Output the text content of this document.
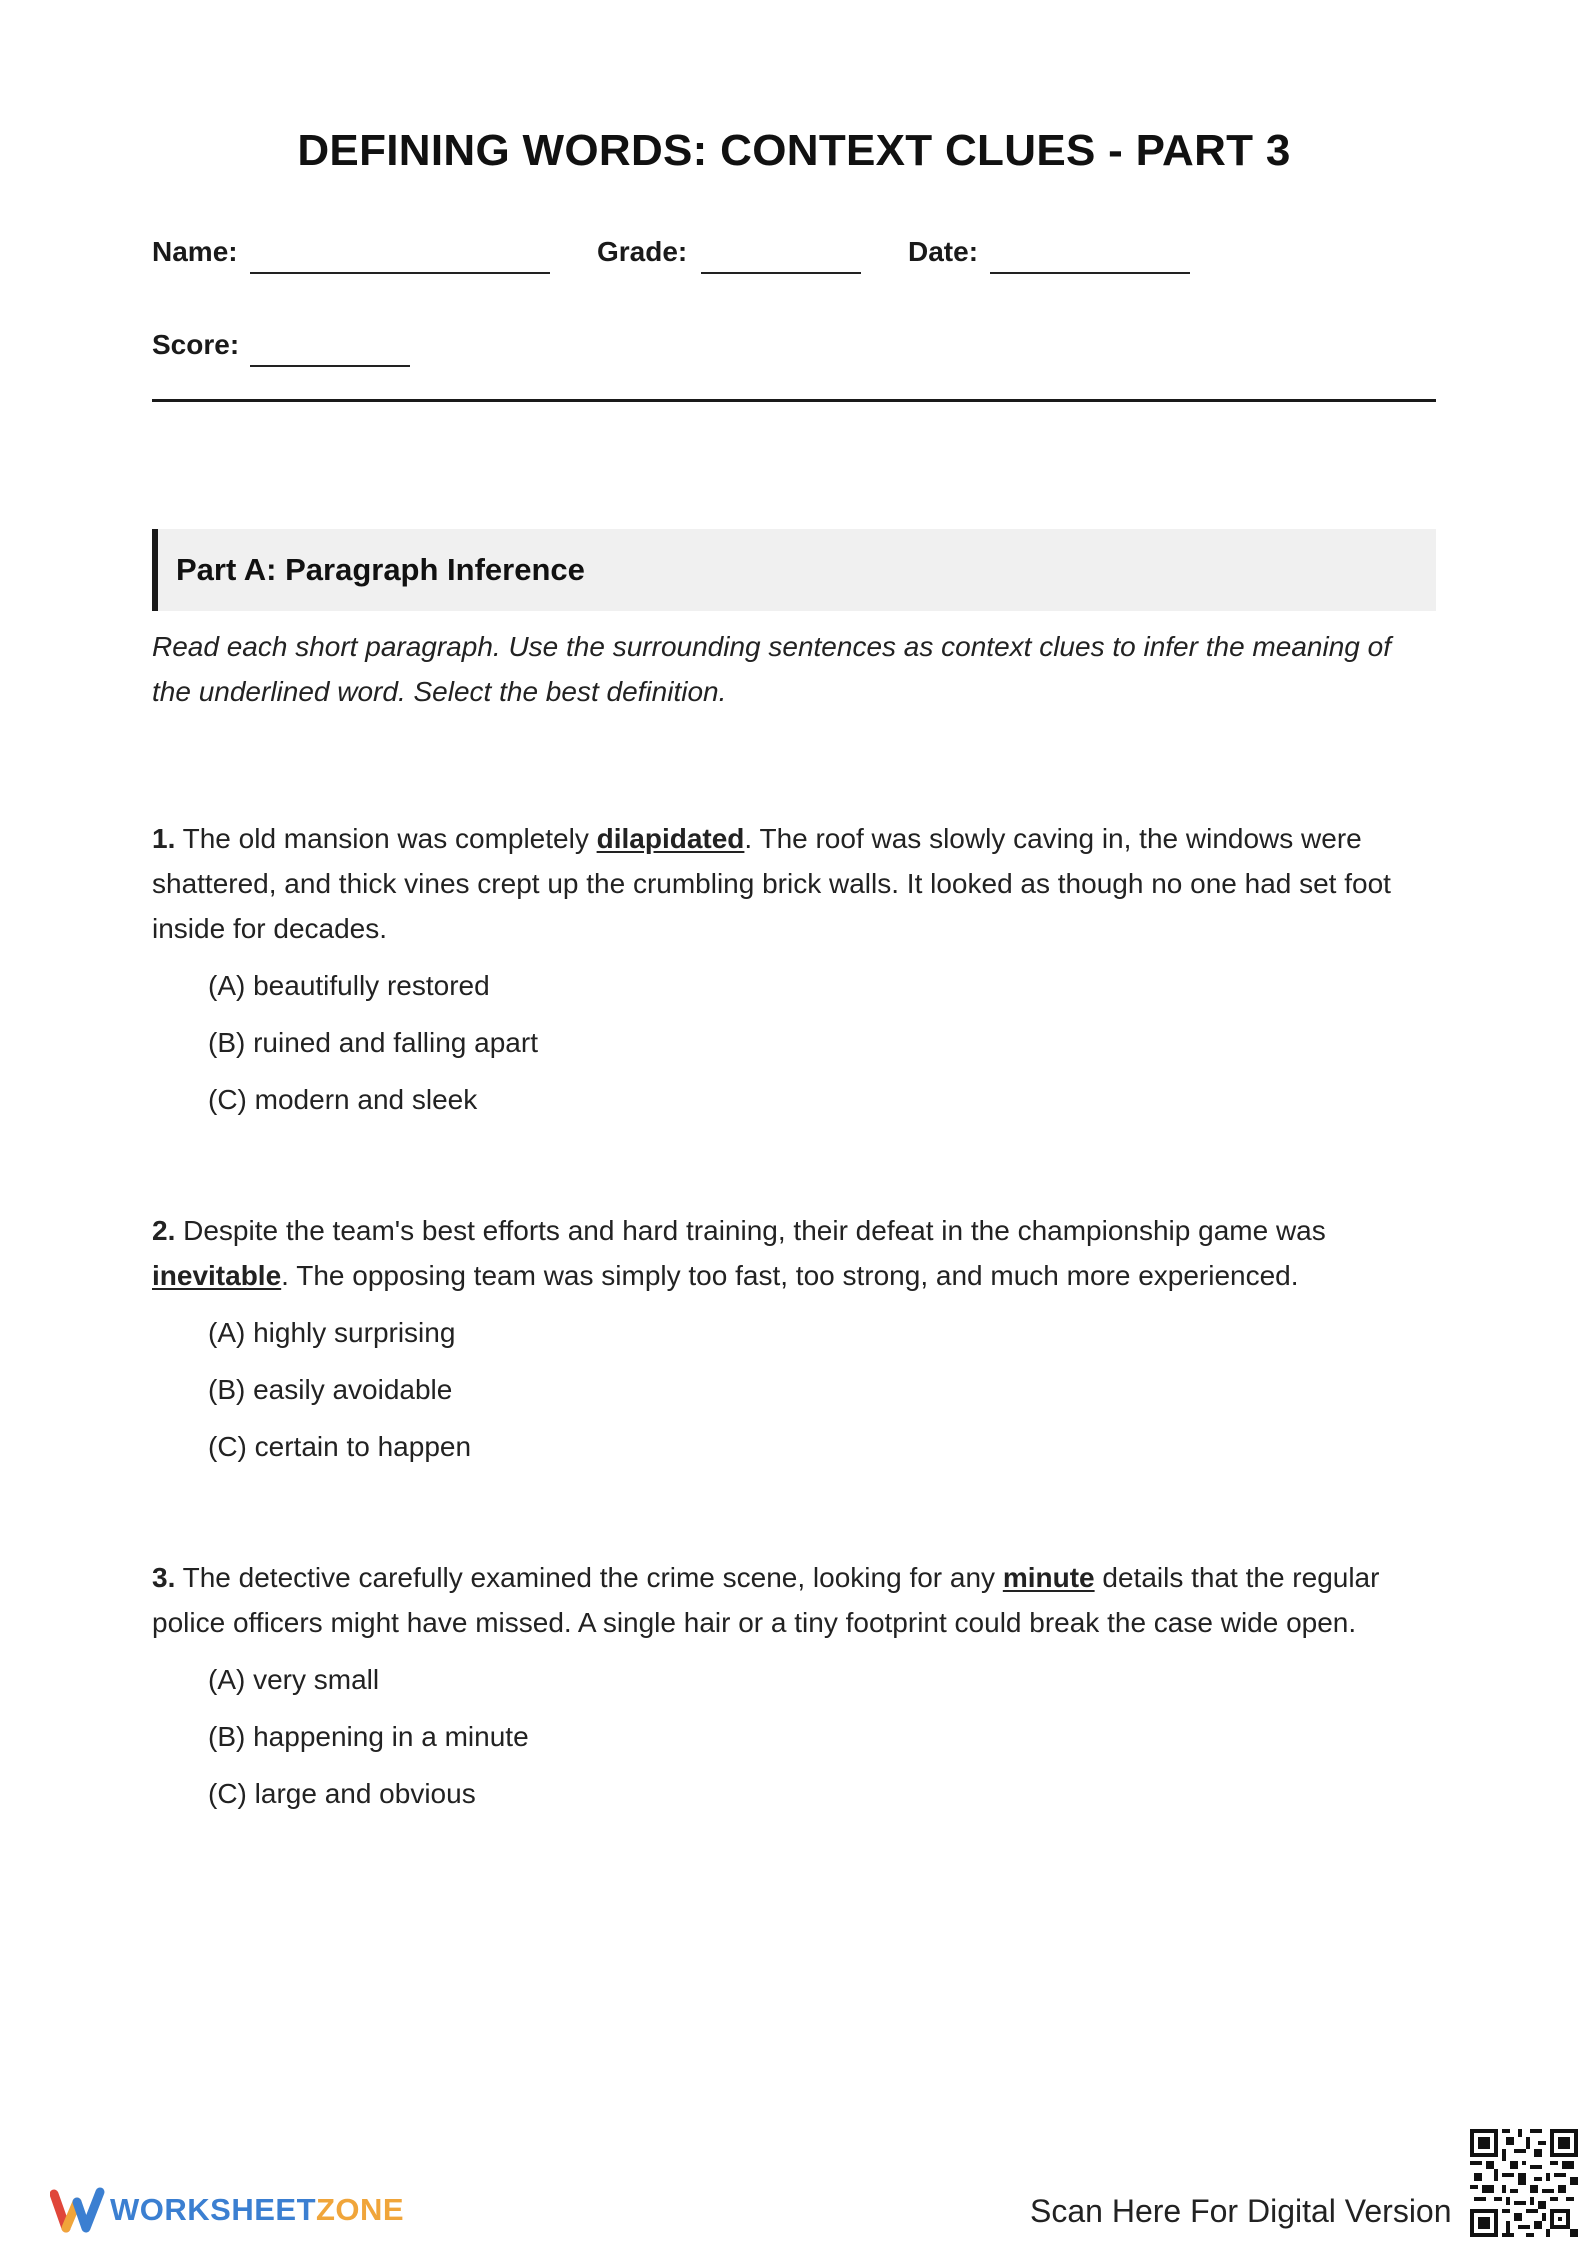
DEFINING WORDS: CONTEXT CLUES - PART 3
Name:	Grade:	Date:
Score:
Part A: Paragraph Inference
Read each short paragraph. Use the surrounding sentences as context clues to infer the meaning of the underlined word. Select the best definition.
1. The old mansion was completely dilapidated. The roof was slowly caving in, the windows were shattered, and thick vines crept up the crumbling brick walls. It looked as though no one had set foot inside for decades.
(A) beautifully restored
(B) ruined and falling apart
(C) modern and sleek
2. Despite the team's best efforts and hard training, their defeat in the championship game was inevitable. The opposing team was simply too fast, too strong, and much more experienced.
(A) highly surprising
(B) easily avoidable
(C) certain to happen
3. The detective carefully examined the crime scene, looking for any minute details that the regular police officers might have missed. A single hair or a tiny footprint could break the case wide open.
(A) very small
(B) happening in a minute
(C) large and obvious
WORKSHEETZONE	Scan Here For Digital Version
